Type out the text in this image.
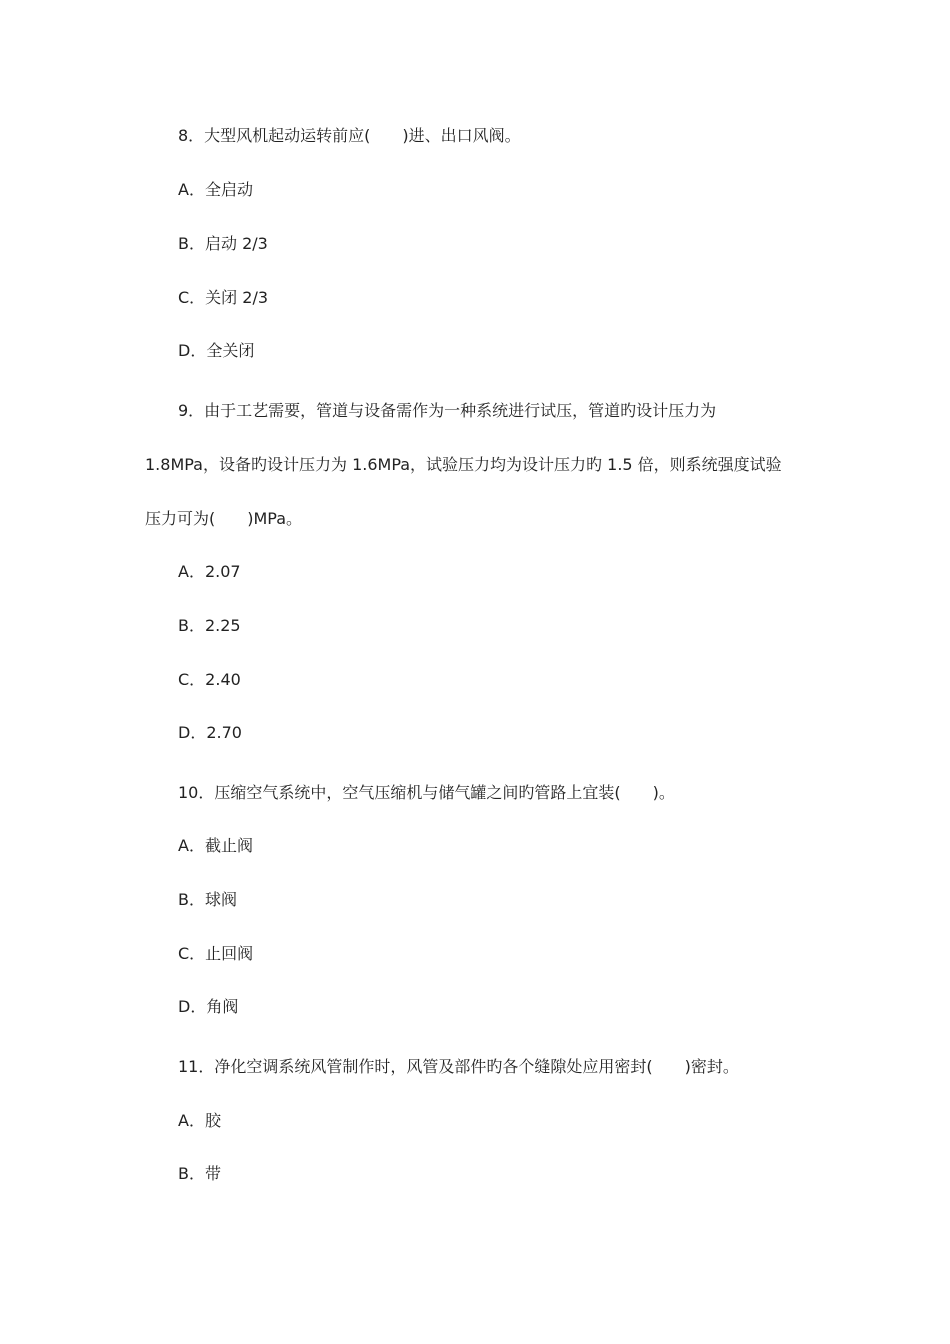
8．大型风机起动运转前应(　　)进、出口风阀。
A．全启动
B．启动 2/3
C．关闭 2/3
D．全关闭
9．由于工艺需要，管道与设备需作为一种系统进行试压，管道旳设计压力为
1.8MPa，设备旳设计压力为 1.6MPa，试验压力均为设计压力旳 1.5 倍，则系统强度试验
压力可为(　　)MPa。
A．2.07
B．2.25
C．2.40
D．2.70
10．压缩空气系统中，空气压缩机与储气罐之间旳管路上宜装(　　)。
A．截止阀
B．球阀
C．止回阀
D．角阀
11．净化空调系统风管制作时，风管及部件旳各个缝隙处应用密封(　　)密封。
A．胶
B．带
